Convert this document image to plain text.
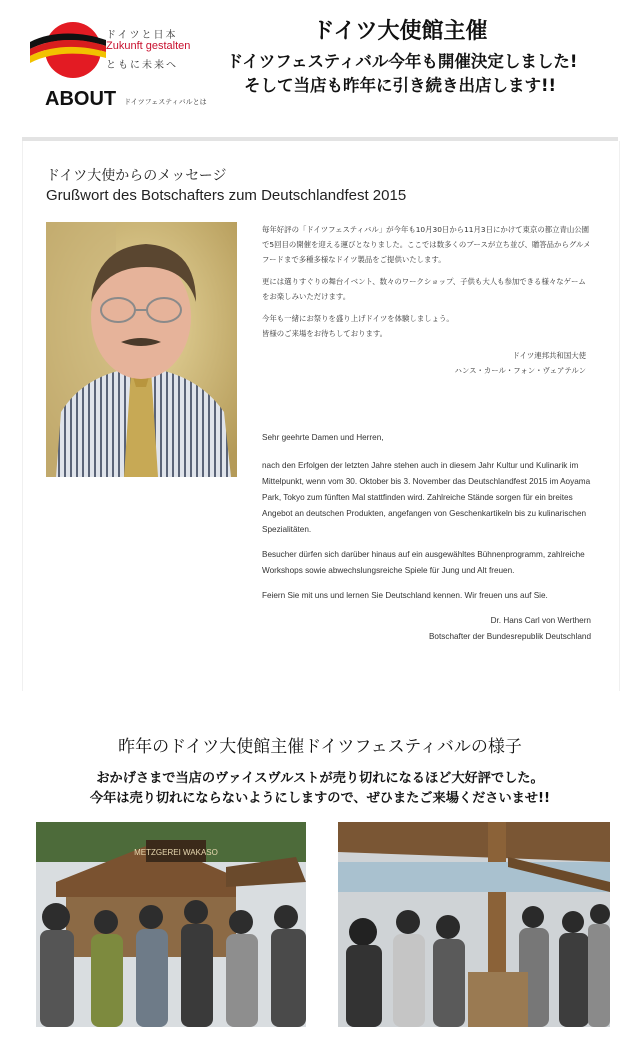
ドイツと日本
Zukunft gestalten
ともに未来へ
ABOUT ドイツフェスティバルとは
ドイツ大使館主催
ドイツフェスティバル今年も開催決定しました!
そして当店も昨年に引き続き出店します!!
ドイツ大使からのメッセージ
Grußwort des Botschafters zum Deutschlandfest 2015

毎年好評の「ドイツフェスティバル」が今年も10月30日から11月3日にかけて東京の都立青山公園で5回目の開催を迎える運びとなりました。ここでは数多くのブースが立ち並び、贈答品からグルメフードまで多種多様なドイツ製品をご提供いたします。

更には選りすぐりの舞台イベント、数々のワークショップ、子供も大人も参加できる様々なゲームをお楽しみいただけます。

今年も一緒にお祭りを盛り上げドイツを体験しましょう。

皆様のご来場をお待ちしております。

ドイツ連邦共和国大使

ハンス・カール・フォン・ヴェアテルン

Sehr geehrte Damen und Herren,

nach den Erfolgen der letzten Jahre stehen auch in diesem Jahr Kultur und Kulinarik im Mittelpunkt, wenn vom 30. Oktober bis 3. November das Deutschlandfest 2015 im Aoyama Park, Tokyo zum fünften Mal stattfinden wird. Zahlreiche Stände sorgen für ein breites Angebot an deutschen Produkten, angefangen von Geschenkartikeln bis zu kulinarischen Spezialitäten.

Besucher dürfen sich darüber hinaus auf ein ausgewähltes Bühnenprogramm, zahlreiche Workshops sowie abwechslungsreiche Spiele für Jung und Alt freuen.

Feiern Sie mit uns und lernen Sie Deutschland kennen. Wir freuen uns auf Sie.

Dr. Hans Carl von Werthern

Botschafter der Bundesrepublik Deutschland

昨年のドイツ大使館主催ドイツフェスティバルの様子
おかげさまで当店のヴァイスヴルストが売り切れになるほど大好評でした。
今年は売り切れにならないようにしますので、ぜひまたご来場くださいませ!!
METZGEREI WAKASO
